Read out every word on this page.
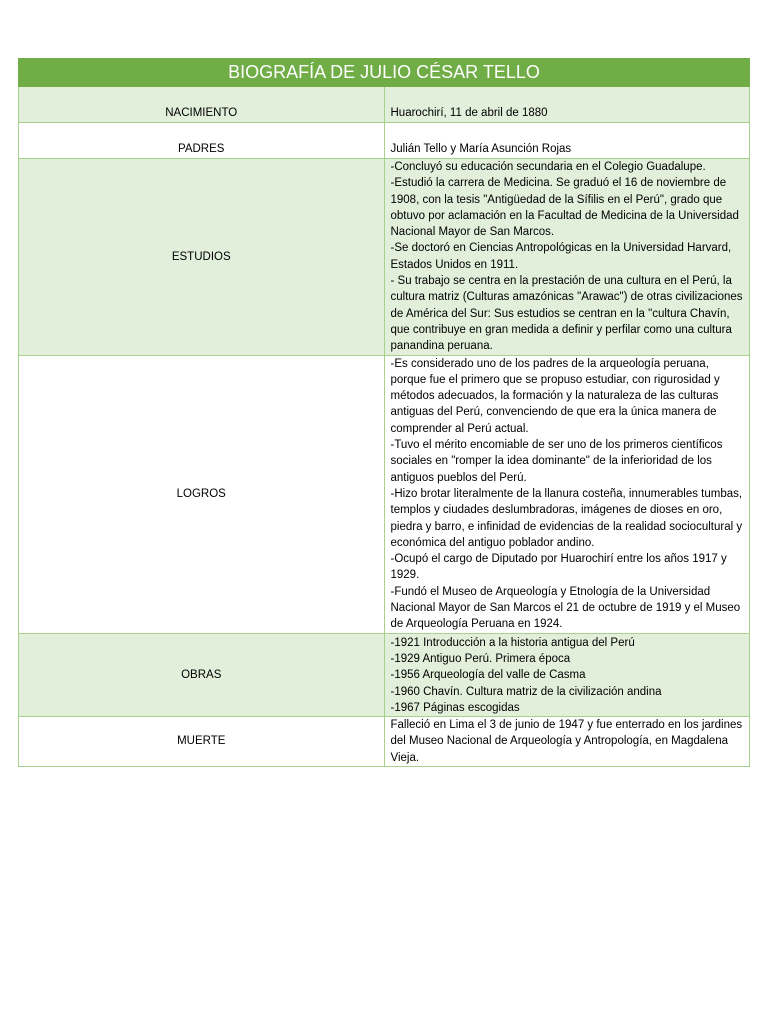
BIOGRAFÍA DE JULIO CÉSAR TELLO	
NACIMIENTO	Huarochirí, 11 de abril de 1880

PADRES	Julián Tello y María Asunción Rojas

ESTUDIOS	-Concluyó su educación secundaria en el Colegio Guadalupe.
-Estudió la carrera de Medicina. Se graduó el 16 de noviembre de 1908, con la tesis "Antigüedad de la Sífilis en el Perú", grado que obtuvo por aclamación en la Facultad de Medicina de la Universidad Nacional Mayor de San Marcos.
-Se doctoró en Ciencias Antropológicas en la Universidad Harvard, Estados Unidos en 1911.
- Su trabajo se centra en la prestación de una cultura en el Perú, la cultura matriz (Culturas amazónicas "Arawac") de otras civilizaciones de América del Sur: Sus estudios se centran en la "cultura Chavín, que contribuye en gran medida a definir y perfilar como una cultura panandina peruana.

LOGROS	-Es considerado uno de los padres de la arqueología peruana, porque fue el primero que se propuso estudiar, con rigurosidad y métodos adecuados, la formación y la naturaleza de las culturas antiguas del Perú, convenciendo de que era la única manera de comprender al Perú actual.
-Tuvo el mérito encomiable de ser uno de los primeros científicos sociales en "romper la idea dominante" de la inferioridad de los antiguos pueblos del Perú.
-Hizo brotar literalmente de la llanura costeña, innumerables tumbas, templos y ciudades deslumbradoras, imágenes de dioses en oro, piedra y barro, e infinidad de evidencias de la realidad sociocultural y económica del antiguo poblador andino.
-Ocupó el cargo de Diputado por Huarochirí entre los años 1917 y 1929.
-Fundó el Museo de Arqueología y Etnología de la Universidad Nacional Mayor de San Marcos el 21 de octubre de 1919 y el Museo de Arqueología Peruana en 1924.

OBRAS	-1921 Introducción a la historia antigua del Perú
-1929 Antiguo Perú. Primera época
-1956 Arqueología del valle de Casma
-1960 Chavín. Cultura matriz de la civilización andina
-1967 Páginas escogidas

MUERTE	Falleció en Lima el 3 de junio de 1947 y fue enterrado en los jardines del Museo Nacional de Arqueología y Antropología, en Magdalena Vieja.
